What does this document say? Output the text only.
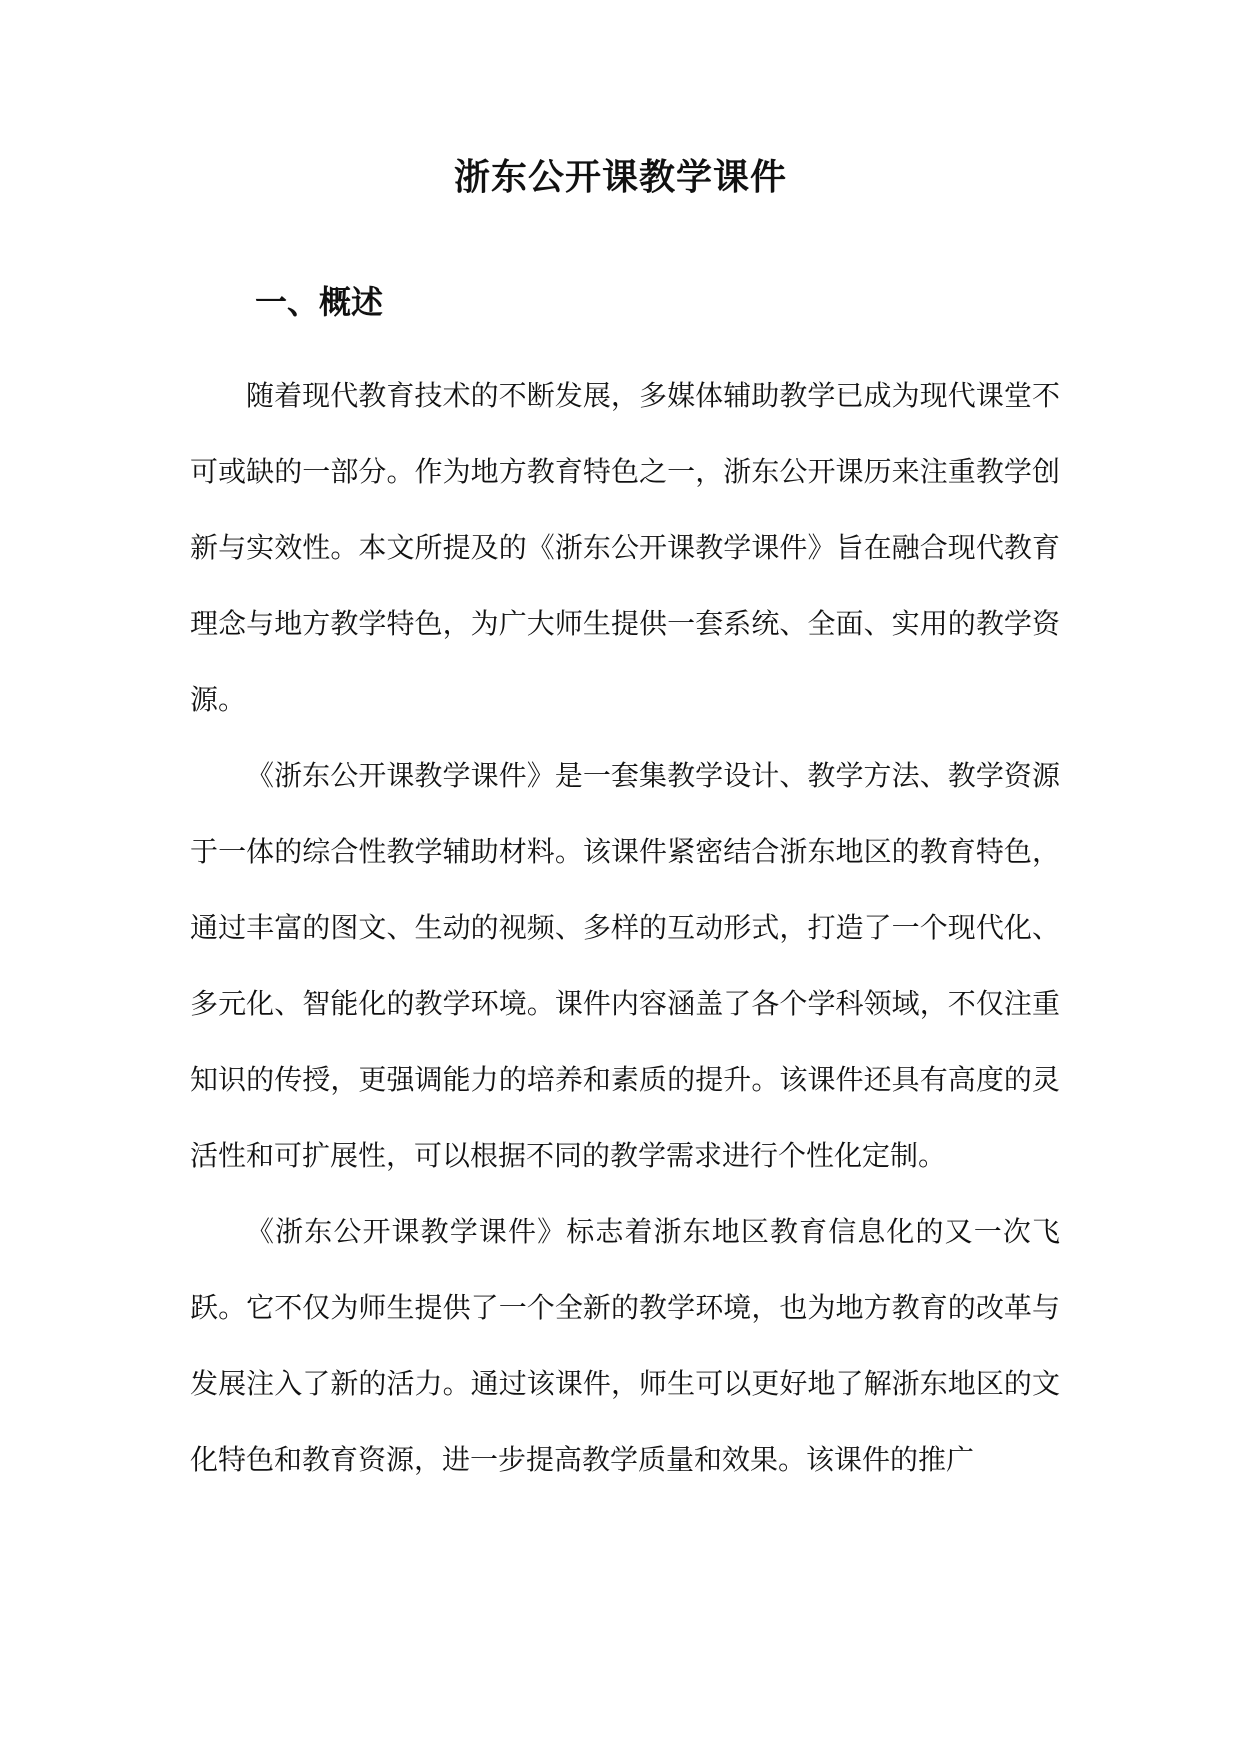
浙东公开课教学课件
一、概述

随着现代教育技术的不断发展，多媒体辅助教学已成为现代课堂不可或缺的一部分。作为地方教育特色之一，浙东公开课历来注重教学创新与实效性。本文所提及的《浙东公开课教学课件》旨在融合现代教育理念与地方教学特色，为广大师生提供一套系统、全面、实用的教学资源。

《浙东公开课教学课件》是一套集教学设计、教学方法、教学资源于一体的综合性教学辅助材料。该课件紧密结合浙东地区的教育特色，通过丰富的图文、生动的视频、多样的互动形式，打造了一个现代化、多元化、智能化的教学环境。课件内容涵盖了各个学科领域，不仅注重知识的传授，更强调能力的培养和素质的提升。该课件还具有高度的灵活性和可扩展性，可以根据不同的教学需求进行个性化定制。

《浙东公开课教学课件》标志着浙东地区教育信息化的又一次飞跃。它不仅为师生提供了一个全新的教学环境，也为地方教育的改革与发展注入了新的活力。通过该课件，师生可以更好地了解浙东地区的文化特色和教育资源，进一步提高教学质量和效果。该课件的推广
